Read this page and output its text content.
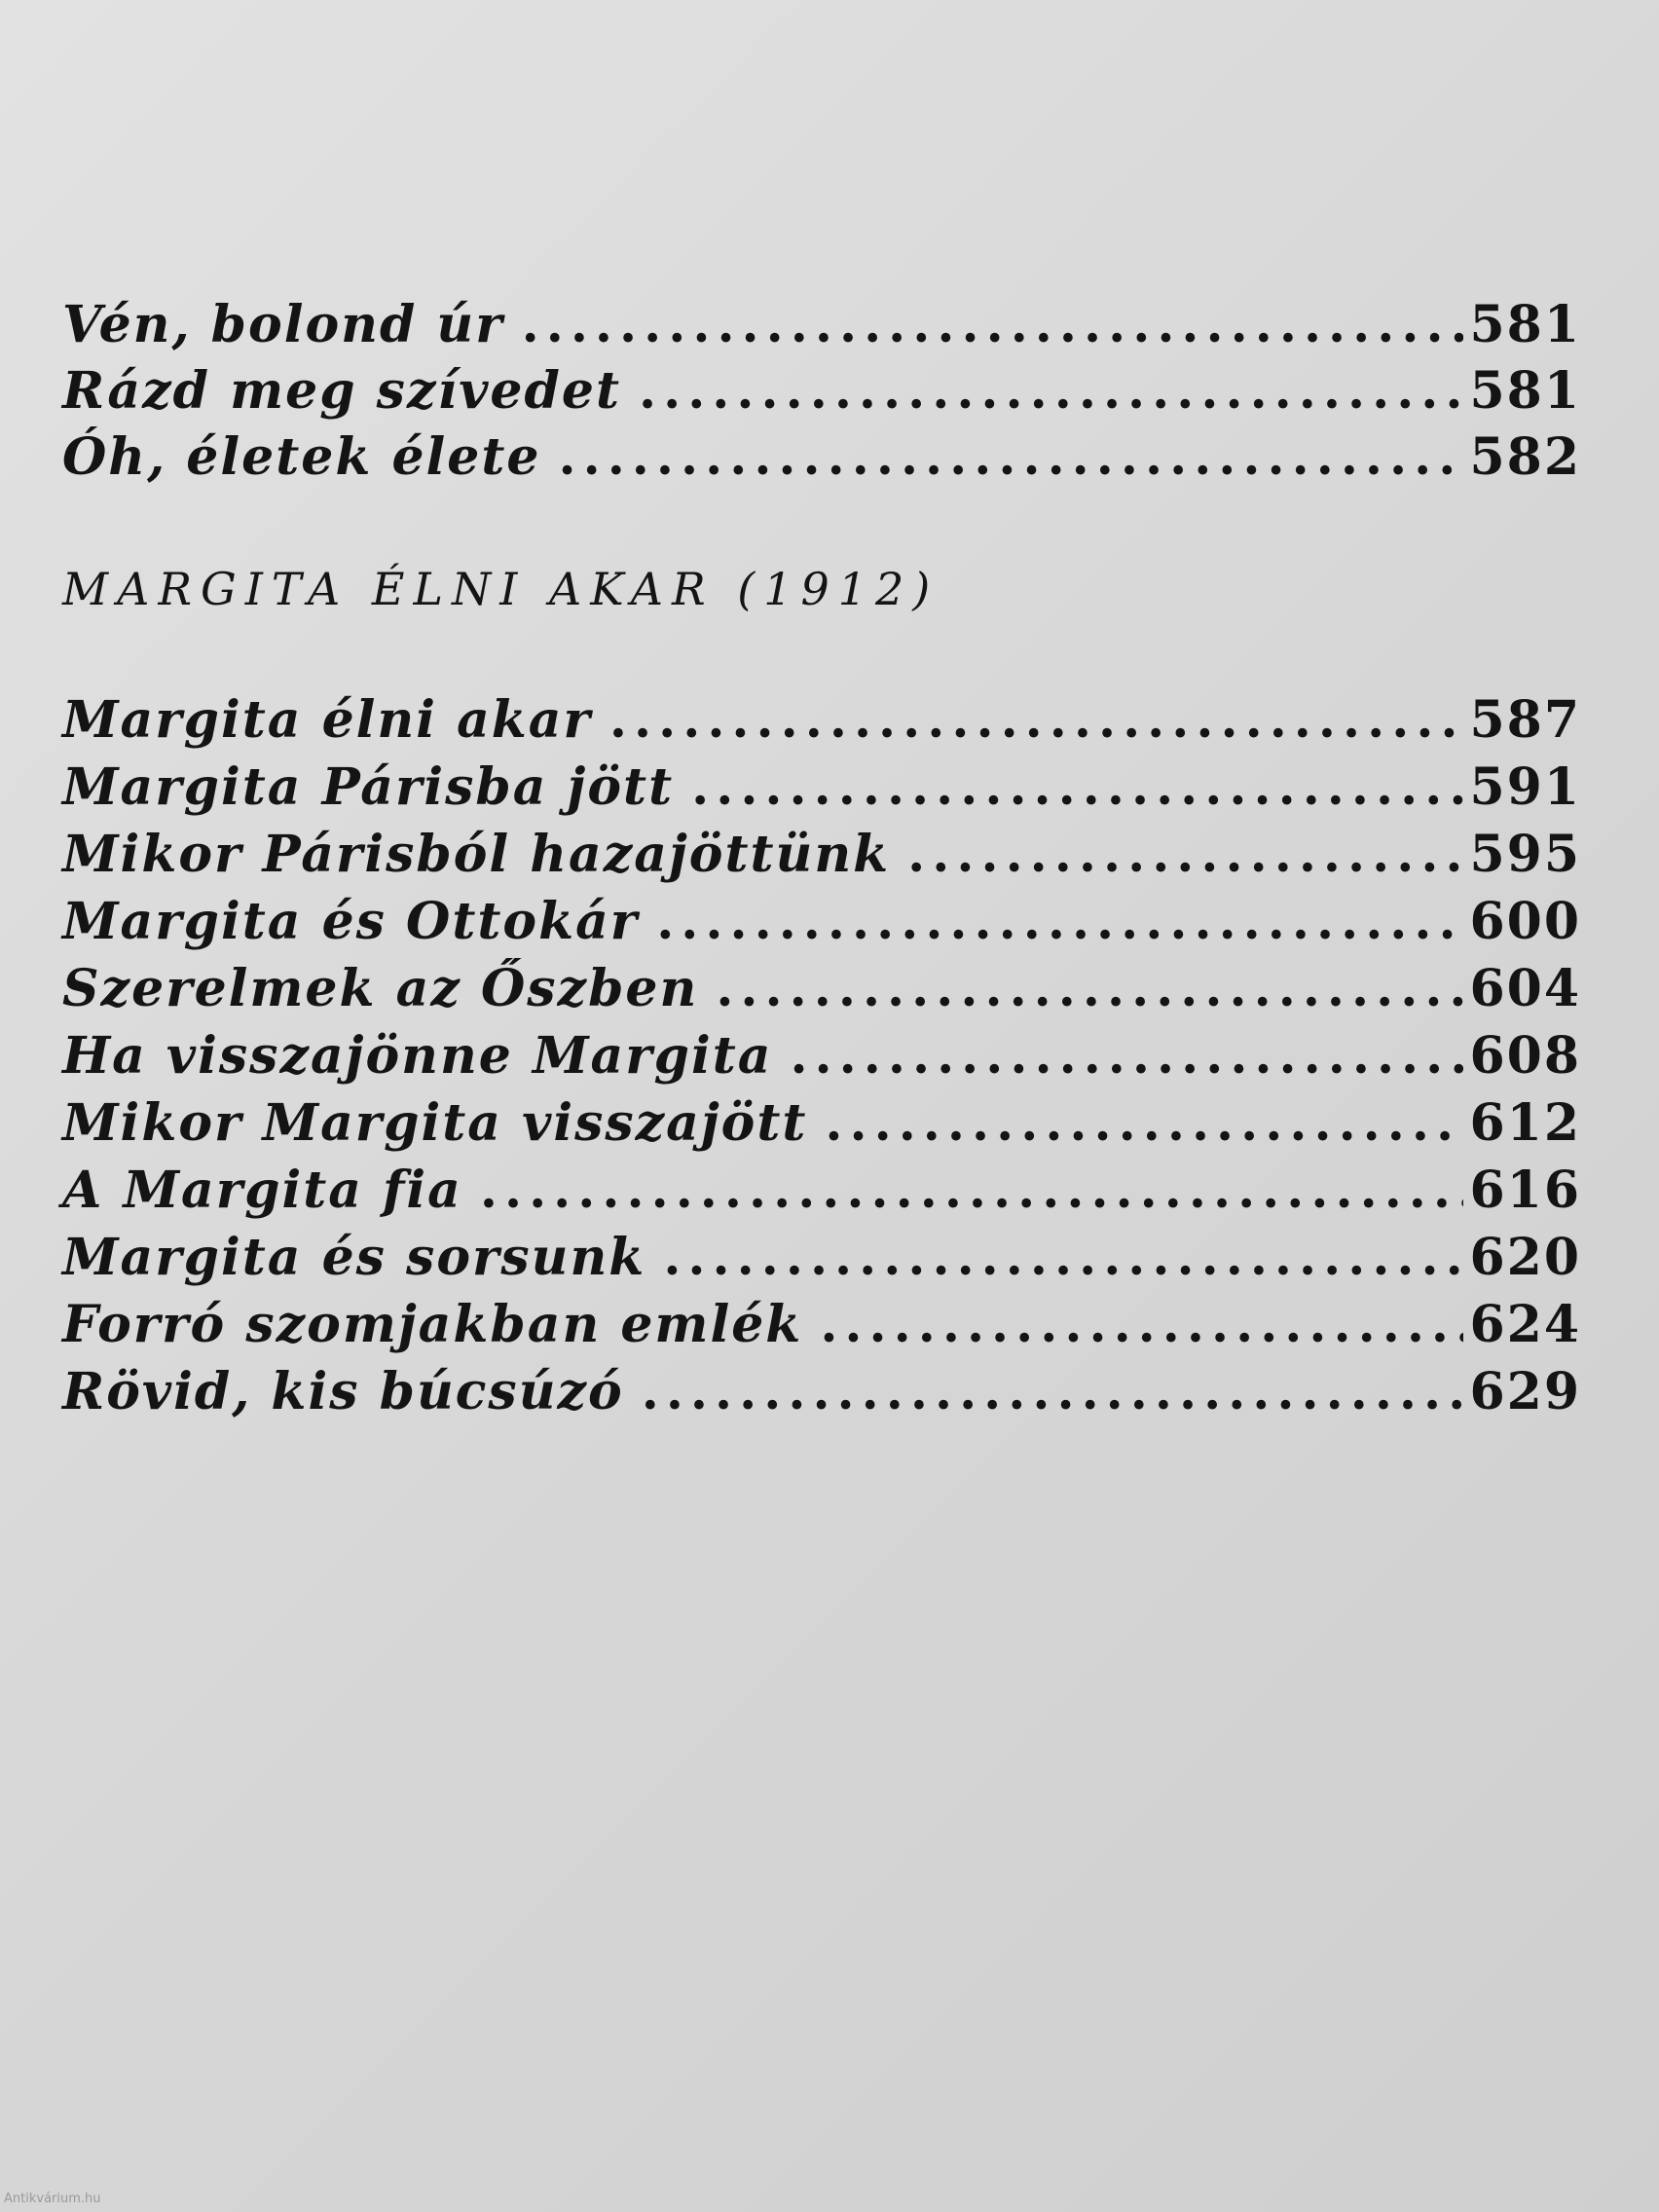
Vén, bolond úr .....	581
Rázd meg szívedet .....	581
Óh, életek élete .....	582
MARGITA ÉLNI AKAR (1912)
Margita élni akar .....	587
Margita Párisba jött .....	591
Mikor Párisból hazajöttünk .....	595
Margita és Ottokár .....	600
Szerelmek az Őszben .....	604
Ha visszajönne Margita .....	608
Mikor Margita visszajött .....	612
A Margita fia .....	616
Margita és sorsunk .....	620
Forró szomjakban emlék .....	624
Rövid, kis búcsúzó .....	629
Antikvárium.hu
